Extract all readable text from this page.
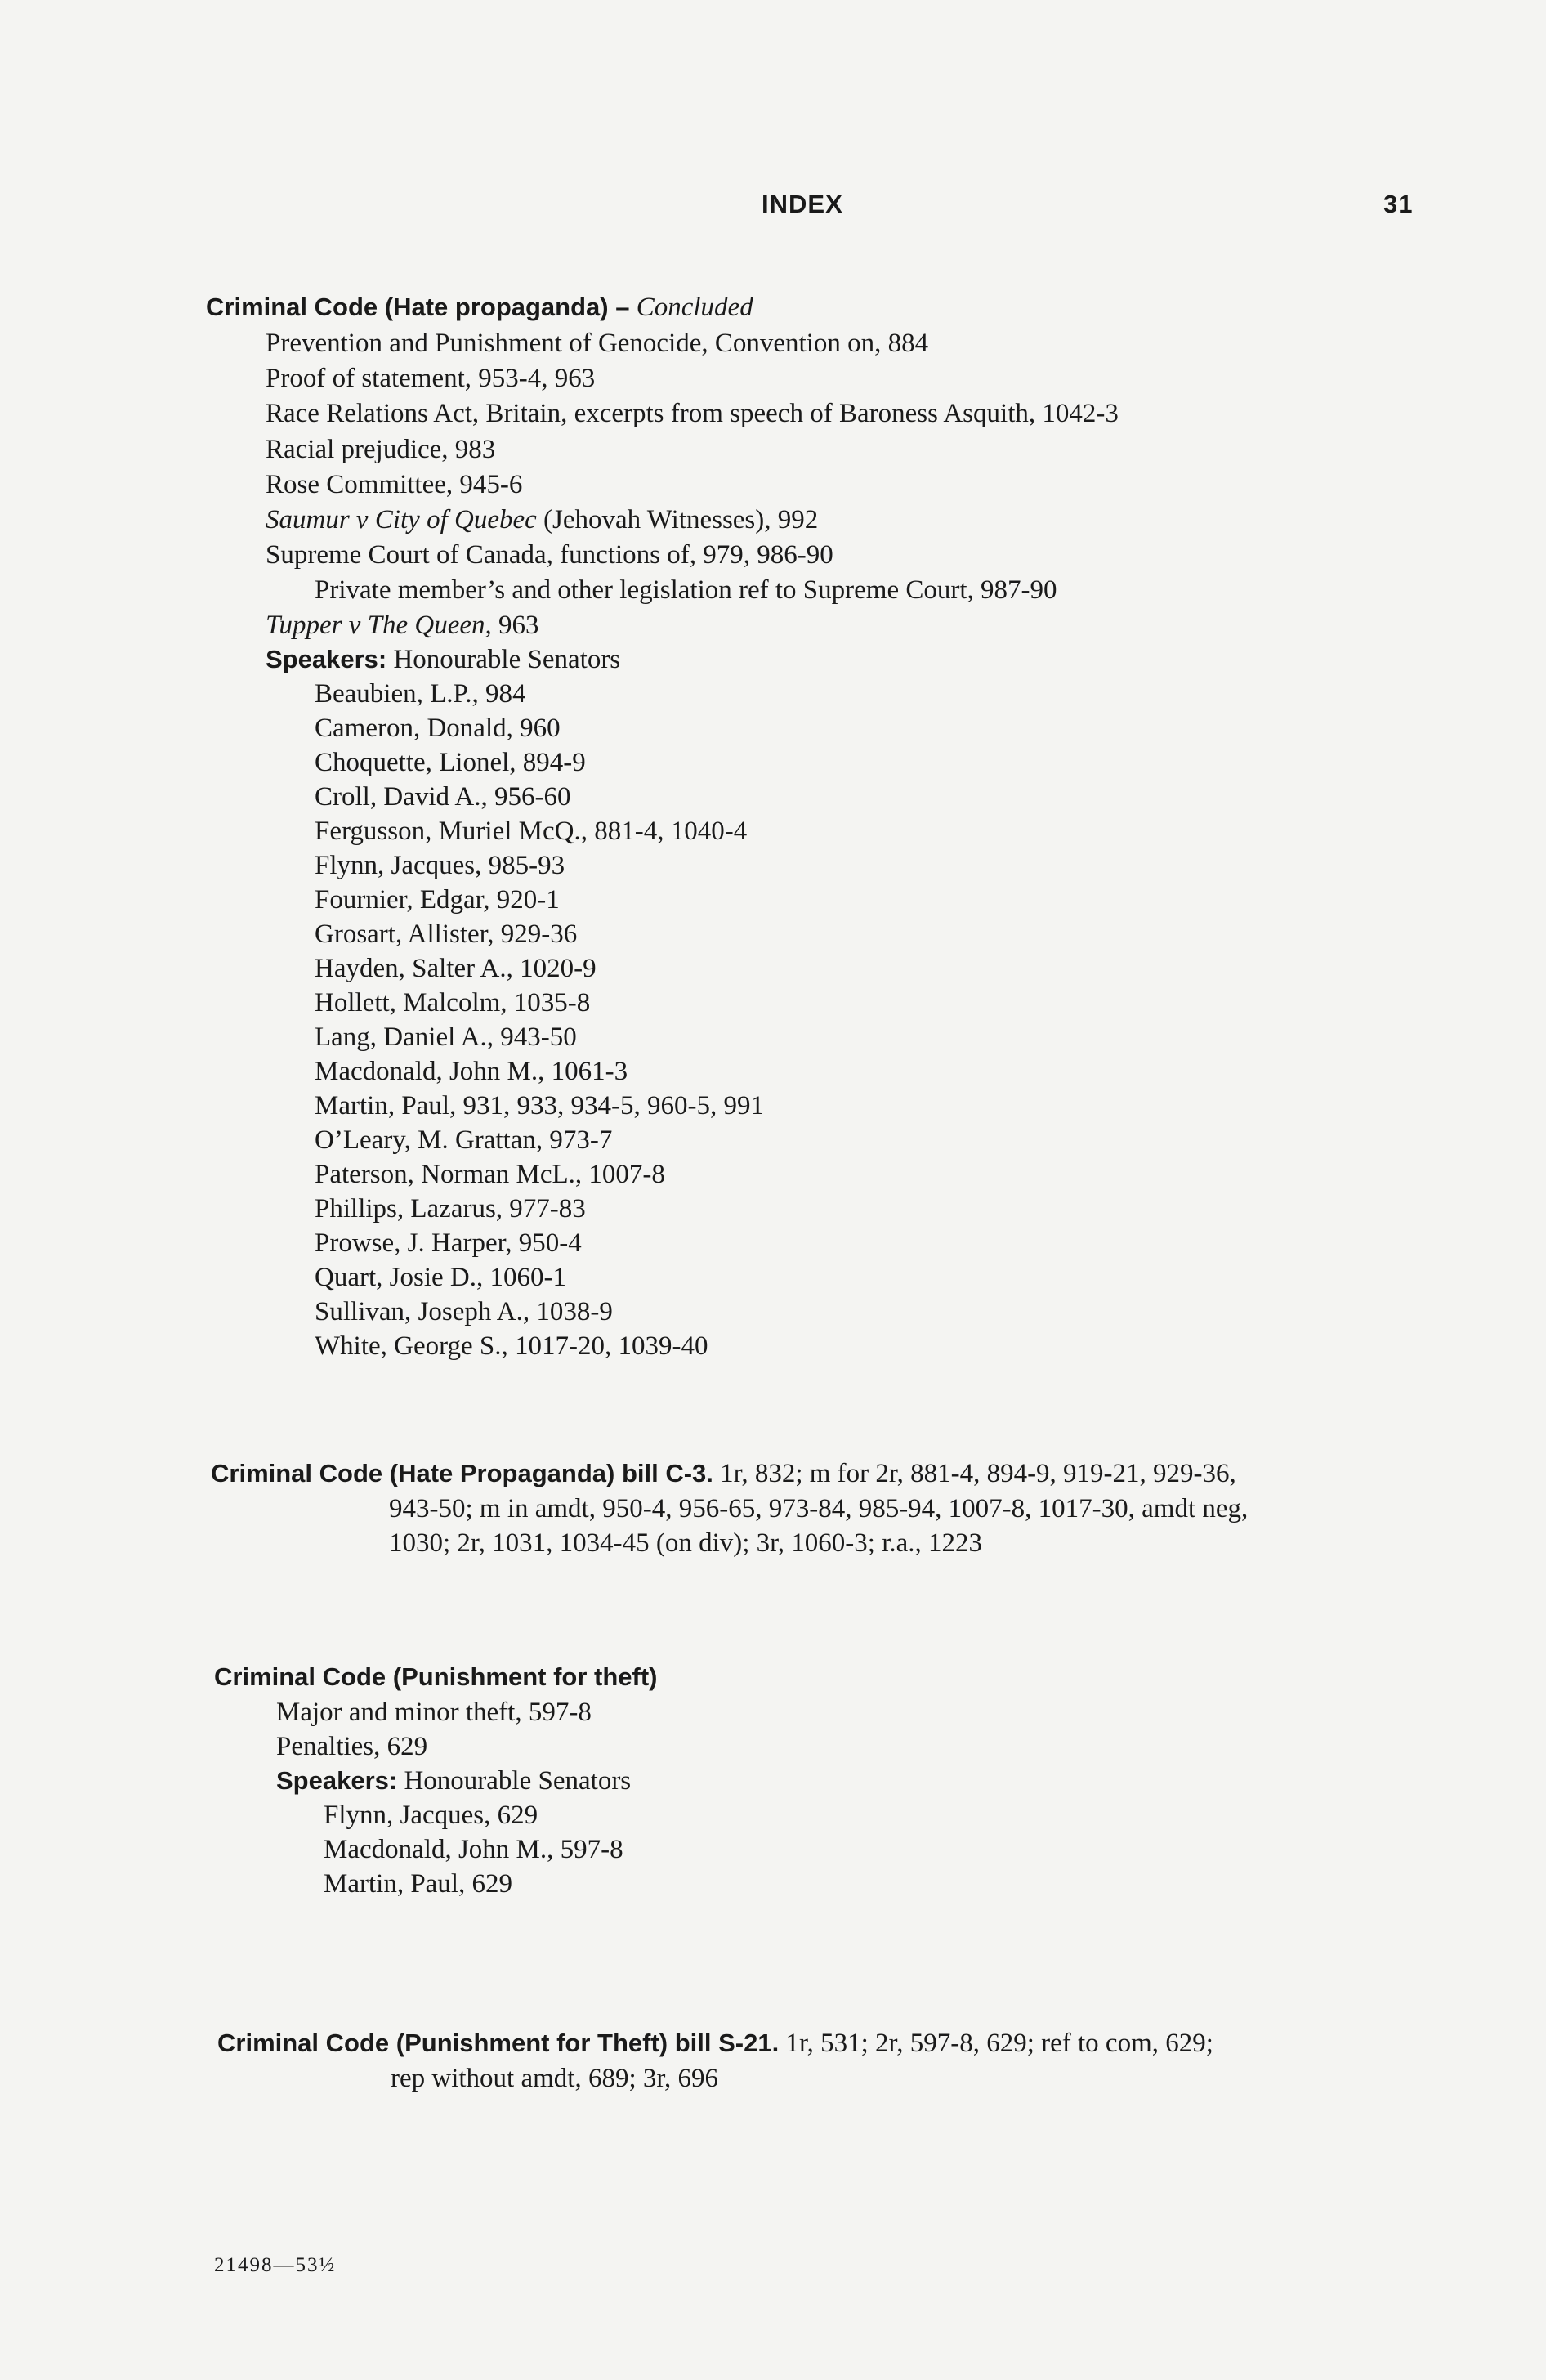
INDEX	31
Criminal Code (Hate propaganda) – Concluded
Prevention and Punishment of Genocide, Convention on, 884
Proof of statement, 953-4, 963
Race Relations Act, Britain, excerpts from speech of Baroness Asquith, 1042-3
Racial prejudice, 983
Rose Committee, 945-6
Saumur v City of Quebec (Jehovah Witnesses), 992
Supreme Court of Canada, functions of, 979, 986-90
Private member’s and other legislation ref to Supreme Court, 987-90
Tupper v The Queen, 963
Speakers: Honourable Senators
Beaubien, L.P., 984
Cameron, Donald, 960
Choquette, Lionel, 894-9
Croll, David A., 956-60
Fergusson, Muriel McQ., 881-4, 1040-4
Flynn, Jacques, 985-93
Fournier, Edgar, 920-1
Grosart, Allister, 929-36
Hayden, Salter A., 1020-9
Hollett, Malcolm, 1035-8
Lang, Daniel A., 943-50
Macdonald, John M., 1061-3
Martin, Paul, 931, 933, 934-5, 960-5, 991
O’Leary, M. Grattan, 973-7
Paterson, Norman McL., 1007-8
Phillips, Lazarus, 977-83
Prowse, J. Harper, 950-4
Quart, Josie D., 1060-1
Sullivan, Joseph A., 1038-9
White, George S., 1017-20, 1039-40
Criminal Code (Hate Propaganda) bill C-3. 1r, 832; m for 2r, 881-4, 894-9, 919-21, 929-36,
943-50; m in amdt, 950-4, 956-65, 973-84, 985-94, 1007-8, 1017-30, amdt neg,
1030; 2r, 1031, 1034-45 (on div); 3r, 1060-3; r.a., 1223
Criminal Code (Punishment for theft)
Major and minor theft, 597-8
Penalties, 629
Speakers: Honourable Senators
Flynn, Jacques, 629
Macdonald, John M., 597-8
Martin, Paul, 629
Criminal Code (Punishment for Theft) bill S-21. 1r, 531; 2r, 597-8, 629; ref to com, 629;
rep without amdt, 689; 3r, 696
21498—53½
